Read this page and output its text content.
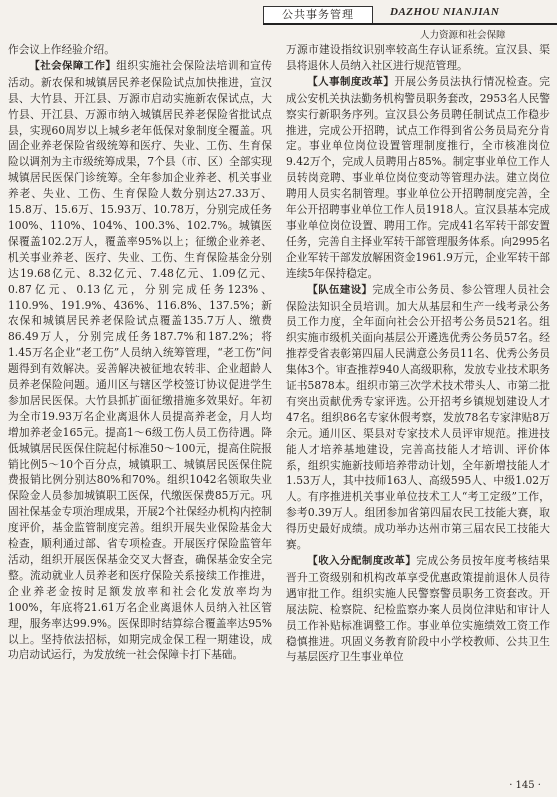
公共事务管理	DAZHOU NIANJIAN
人力资源和社会保障

作会议上作经验介绍。

【社会保障工作】组织实施社会保险法培训和宣传活动。新农保和城镇居民养老保险试点加快推进，宣汉县、大竹县、开江县、万源市启动实施新农保试点，大竹县、开江县、万源市纳入城镇居民养老保险省批试点县，实现60周岁以上城乡老年低保对象制度全覆盖。巩固企业养老保险省级统筹和医疗、失业、工伤、生育保险以调剂为主市级统筹成果，7个县（市、区）全部实现城镇居民医保门诊统筹。全年参加企业养老、机关事业养老、失业、工伤、生育保险人数分别达27.33万、15.8万、15.6万、15.93万、10.78万，分别完成任务100%、110%、104%、100.3%、102.7%。城镇医保覆盖102.2万人，覆盖率95%以上；征缴企业养老、机关事业养老、医疗、失业、工伤、生育保险基金分别达19.68亿元、8.32亿元、7.48亿元、1.09亿元、0.87亿元、0.13亿元，分别完成任务123%、110.9%、191.9%、436%、116.8%、137.5%；新农保和城镇居民养老保险试点覆盖135.7万人、缴费86.49万人，分别完成任务187.7%和187.2%；将1.45万名企业“老工伤”人员纳入统筹管理，“老工伤”问题得到有效解决。妥善解决被征地农转非、企业超龄人员养老保险问题。通川区与辖区学校签订协议促进学生参加居民医保。大竹县抓扩面征缴措施多效果好。年初为全市19.93万名企业离退休人员提高养老金，月人均增加养老金165元。提高1～6级工伤人员工伤待遇。降低城镇居民医保住院起付标准50～100元，提高住院报销比例5～10个百分点，城镇职工、城镇居民医保住院费报销比例分别达80%和70%。组织1042名领取失业保险金人员参加城镇职工医保，代缴医保费85万元。巩固社保基金专项治理成果，开展2个社保经办机构内控制度评价，基金监管制度完善。组织开展失业保险基金大检查，顺利通过部、省专项检查。开展医疗保险监管年活动，组织开展医保基金交叉大督查，确保基金安全完整。流动就业人员养老和医疗保险关系接续工作推进，企业养老金按时足额发放率和社会化发放率均为100%，年底将21.61万名企业离退休人员纳入社区管理，服务率达99.9%。医保即时结算综合覆盖率达95%以上。坚持依法招标，如期完成金保工程一期建设，成功启动试运行，为发放统一社会保障卡打下基础。

万源市建设指纹识别率较高生存认证系统。宣汉县、渠县将退休人员纳入社区进行规范管理。

【人事制度改革】开展公务员法执行情况检查。完成公安机关执法勤务机构警员职务套改，2953名人民警察实行新职务序列。宣汉县公务员聘任制试点工作稳步推进，完成公开招聘，试点工作得到省公务员局充分肯定。事业单位岗位设置管理制度推行，全市核准岗位9.42万个，完成人员聘用占85%。制定事业单位工作人员转岗竞聘、事业单位岗位变动等管理办法。建立岗位聘用人员实名制管理。事业单位公开招聘制度完善，全年公开招聘事业单位工作人员1918人。宣汉县基本完成事业单位岗位设置、聘用工作。完成41名军转干部安置任务，完善自主择业军转干部管理服务体系。向2995名企业军转干部发放解困资金1961.9万元，企业军转干部连续5年保持稳定。

【队伍建设】完成全市公务员、参公管理人员社会保险法知识全员培训。加大从基层和生产一线考录公务员工作力度，全年面向社会公开招考公务员521名。组织实施市级机关面向基层公开遴选优秀公务员57名。经推荐受省表彰第四届人民满意公务员11名、优秀公务员集体3个。审查推荐940人高级职称，发放专业技术职务证书5878本。组织市第三次学术技术带头人、市第二批有突出贡献优秀专家评选。公开招考乡镇规划建设人才47名。组织86名专家休假考察，发放78名专家津贴8万余元。通川区、渠县对专家技术人员评审规范。推进技能人才培养基地建设，完善高技能人才培训、评价体系，组织实施新技师培养带动计划，全年新增技能人才1.53万人，其中技师163人、高级595人、中级1.02万人。有序推进机关事业单位技术工人“考工定级”工作，参考0.39万人。组团参加省第四届农民工技能大赛，取得历史最好成绩。成功举办达州市第三届农民工技能大赛。

【收入分配制度改革】完成公务员按年度考核结果晋升工资级别和机构改革享受优惠政策提前退休人员待遇审批工作。组织实施人民警察警员职务工资套改。开展法院、检察院、纪检监察办案人员岗位津贴和审计人员工作补贴标准调整工作。事业单位实施绩效工资工作稳慎推进。巩固义务教育阶段中小学校教师、公共卫生与基层医疗卫生事业单位

· 145 ·
